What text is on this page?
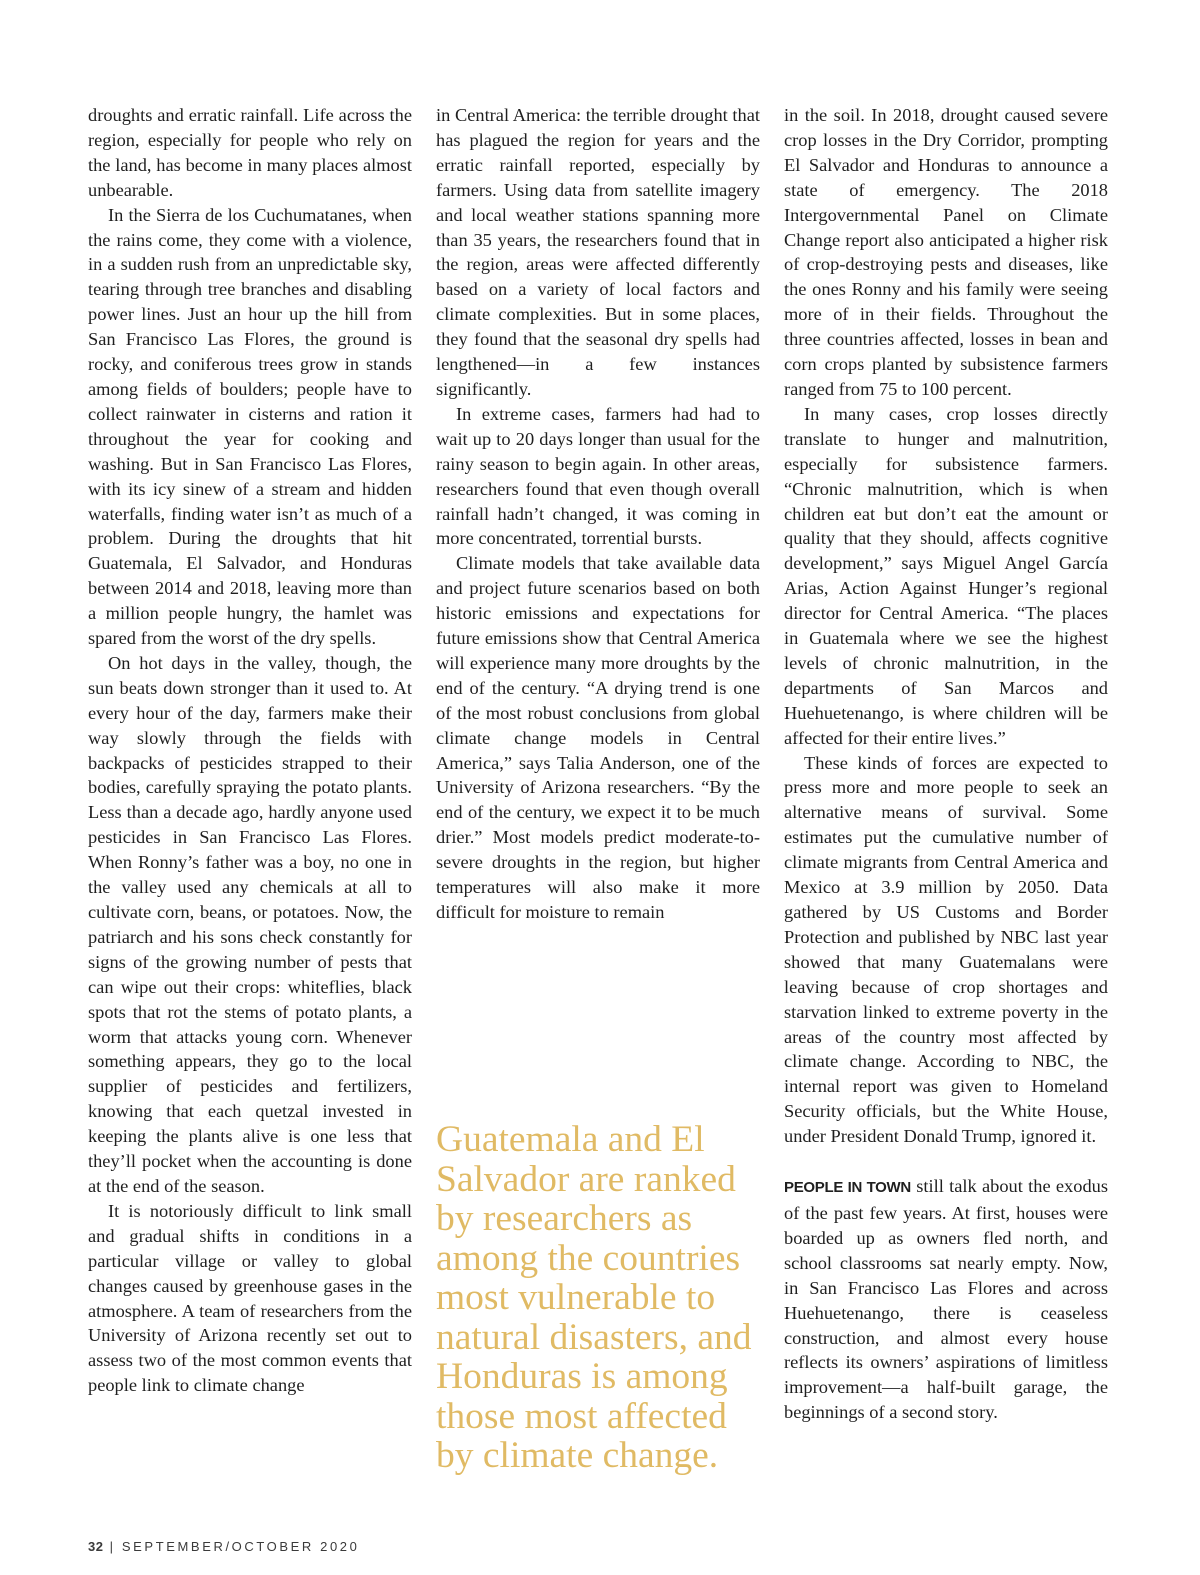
droughts and erratic rainfall. Life across the region, especially for people who rely on the land, has become in many places almost unbearable.

In the Sierra de los Cuchumatanes, when the rains come, they come with a violence, in a sudden rush from an unpredictable sky, tearing through tree branches and disabling power lines. Just an hour up the hill from San Francisco Las Flores, the ground is rocky, and coniferous trees grow in stands among fields of boulders; people have to collect rainwater in cisterns and ration it throughout the year for cooking and washing. But in San Francisco Las Flores, with its icy sinew of a stream and hidden waterfalls, finding water isn’t as much of a problem. During the droughts that hit Guatemala, El Salvador, and Honduras between 2014 and 2018, leaving more than a million people hungry, the hamlet was spared from the worst of the dry spells.

On hot days in the valley, though, the sun beats down stronger than it used to. At every hour of the day, farmers make their way slowly through the fields with backpacks of pesticides strapped to their bodies, carefully spraying the potato plants. Less than a decade ago, hardly anyone used pesticides in San Francisco Las Flores. When Ronny’s father was a boy, no one in the valley used any chemicals at all to cultivate corn, beans, or potatoes. Now, the patriarch and his sons check constantly for signs of the growing number of pests that can wipe out their crops: whiteflies, black spots that rot the stems of potato plants, a worm that attacks young corn. Whenever something appears, they go to the local supplier of pesticides and fertilizers, knowing that each quetzal invested in keeping the plants alive is one less that they’ll pocket when the accounting is done at the end of the season.

It is notoriously difficult to link small and gradual shifts in conditions in a particular village or valley to global changes caused by greenhouse gases in the atmosphere. A team of researchers from the University of Arizona recently set out to assess two of the most common events that people link to climate change

in Central America: the terrible drought that has plagued the region for years and the erratic rainfall reported, especially by farmers. Using data from satellite imagery and local weather stations spanning more than 35 years, the researchers found that in the region, areas were affected differently based on a variety of local factors and climate complexities. But in some places, they found that the seasonal dry spells had lengthened—in a few instances significantly.

In extreme cases, farmers had had to wait up to 20 days longer than usual for the rainy season to begin again. In other areas, researchers found that even though overall rainfall hadn’t changed, it was coming in more concentrated, torrential bursts.

Climate models that take available data and project future scenarios based on both historic emissions and expectations for future emissions show that Central America will experience many more droughts by the end of the century. “A drying trend is one of the most robust conclusions from global climate change models in Central America,” says Talia Anderson, one of the University of Arizona researchers. “By the end of the century, we expect it to be much drier.” Most models predict moderate-to-severe droughts in the region, but higher temperatures will also make it more difficult for moisture to remain

Guatemala and El Salvador are ranked by researchers as among the countries most vulnerable to natural disasters, and Honduras is among those most affected by climate change.

in the soil. In 2018, drought caused severe crop losses in the Dry Corridor, prompting El Salvador and Honduras to announce a state of emergency. The 2018 Intergovernmental Panel on Climate Change report also anticipated a higher risk of crop-destroying pests and diseases, like the ones Ronny and his family were seeing more of in their fields. Throughout the three countries affected, losses in bean and corn crops planted by subsistence farmers ranged from 75 to 100 percent.

In many cases, crop losses directly translate to hunger and malnutrition, especially for subsistence farmers. “Chronic malnutrition, which is when children eat but don’t eat the amount or quality that they should, affects cognitive development,” says Miguel Angel García Arias, Action Against Hunger’s regional director for Central America. “The places in Guatemala where we see the highest levels of chronic malnutrition, in the departments of San Marcos and Huehuetenango, is where children will be affected for their entire lives.”

These kinds of forces are expected to press more and more people to seek an alternative means of survival. Some estimates put the cumulative number of climate migrants from Central America and Mexico at 3.9 million by 2050. Data gathered by US Customs and Border Protection and published by NBC last year showed that many Guatemalans were leaving because of crop shortages and starvation linked to extreme poverty in the areas of the country most affected by climate change. According to NBC, the internal report was given to Homeland Security officials, but the White House, under President Donald Trump, ignored it.

PEOPLE IN TOWN still talk about the exodus of the past few years. At first, houses were boarded up as owners fled north, and school classrooms sat nearly empty. Now, in San Francisco Las Flores and across Huehuetenango, there is ceaseless construction, and almost every house reflects its owners’ aspirations of limitless improvement—a half-built garage, the beginnings of a second story.

32 | SEPTEMBER/OCTOBER 2020
